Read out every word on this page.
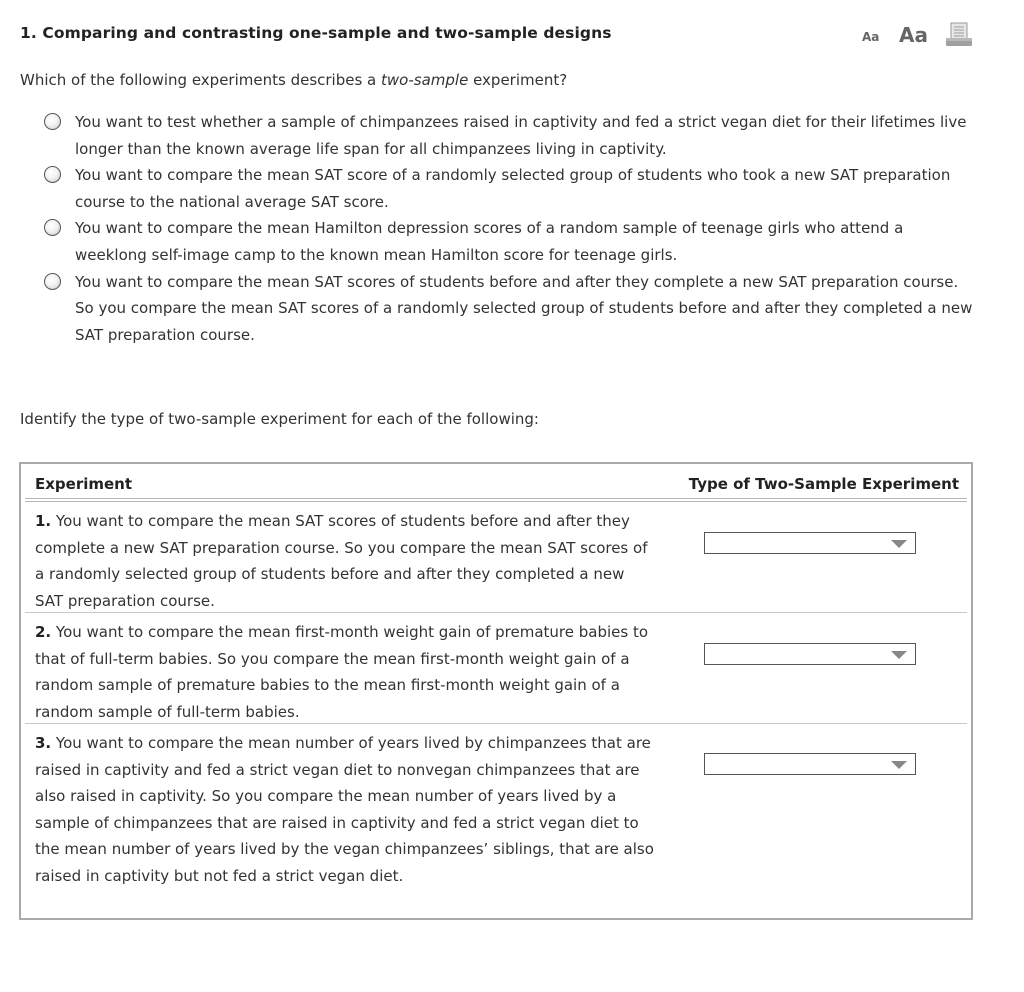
1. Comparing and contrasting one-sample and two-sample designs	Aa Aa
Which of the following experiments describes a two-sample experiment?
You want to test whether a sample of chimpanzees raised in captivity and fed a strict vegan diet for their lifetimes live longer than the known average life span for all chimpanzees living in captivity.
You want to compare the mean SAT score of a randomly selected group of students who took a new SAT preparation course to the national average SAT score.
You want to compare the mean Hamilton depression scores of a random sample of teenage girls who attend a weeklong self-image camp to the known mean Hamilton score for teenage girls.
You want to compare the mean SAT scores of students before and after they complete a new SAT preparation course. So you compare the mean SAT scores of a randomly selected group of students before and after they completed a new SAT preparation course.
Identify the type of two-sample experiment for each of the following:
Experiment	Type of Two-Sample Experiment
1. You want to compare the mean SAT scores of students before and after they complete a new SAT preparation course. So you compare the mean SAT scores of a randomly selected group of students before and after they completed a new SAT preparation course.
2. You want to compare the mean first-month weight gain of premature babies to that of full-term babies. So you compare the mean first-month weight gain of a random sample of premature babies to the mean first-month weight gain of a random sample of full-term babies.
3. You want to compare the mean number of years lived by chimpanzees that are raised in captivity and fed a strict vegan diet to nonvegan chimpanzees that are also raised in captivity. So you compare the mean number of years lived by a sample of chimpanzees that are raised in captivity and fed a strict vegan diet to the mean number of years lived by the vegan chimpanzees’ siblings, that are also raised in captivity but not fed a strict vegan diet.
